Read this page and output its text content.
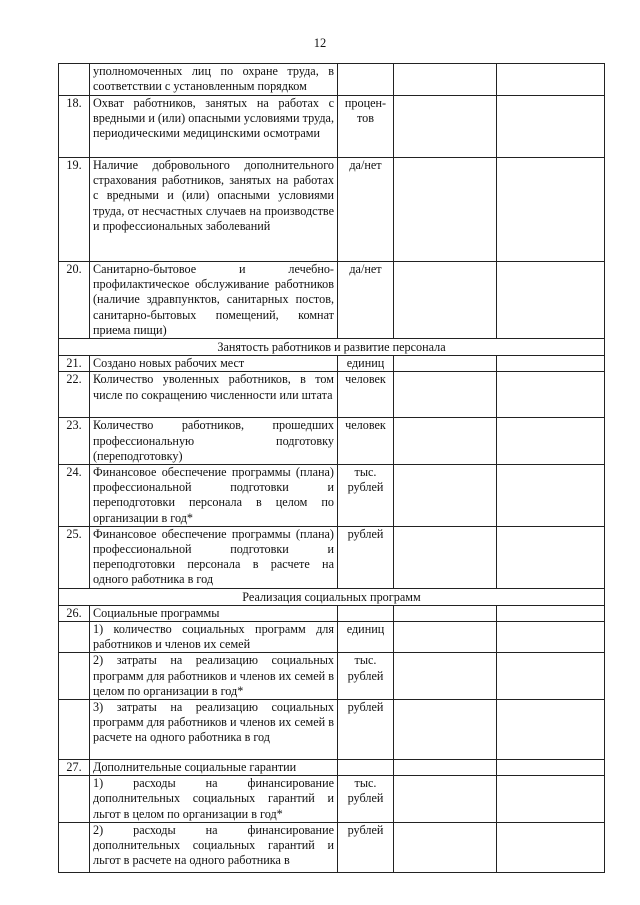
12
	уполномоченных лиц по охране труда, в соответствии с установленным порядком			
18.	Охват работников, занятых на работах с вредными и (или) опасными условиями труда, периодическими медицинскими осмотрами	процен-тов		
19.	Наличие добровольного дополнительного страхования работников, занятых на работах с вредными и (или) опасными условиями труда, от несчастных случаев на производстве и профессиональных заболеваний	да/нет		
20.	Санитарно-бытовое и лечебно-профилактическое обслуживание работников (наличие здравпунктов, санитарных постов, санитарно-бытовых помещений, комнат приема пищи)	да/нет		
Занятость работников и развитие персонала				
21.	Создано новых рабочих мест	единиц		
22.	Количество уволенных работников, в том числе по сокращению численности или штата	человек		
23.	Количество работников, прошедших профессиональную подготовку (переподготовку)	человек		
24.	Финансовое обеспечение программы (плана) профессиональной подготовки и переподготовки персонала в целом по организации в год*	тыс. рублей		
25.	Финансовое обеспечение программы (плана) профессиональной подготовки и переподготовки персонала в расчете на одного работника в год	рублей		
Реализация социальных программ				
26.	Социальные программы			
	1) количество социальных программ для работников и членов их семей	единиц		
	2) затраты на реализацию социальных программ для работников и членов их семей в целом по организации в год*	тыс. рублей		
	3) затраты на реализацию социальных программ для работников и членов их семей в расчете на одного работника в год	рублей		
27.	Дополнительные социальные гарантии			
	1) расходы на финансирование дополнительных социальных гарантий и льгот в целом по организации в год*	тыс. рублей		
	2) расходы на финансирование дополнительных социальных гарантий и льгот в расчете на одного работника в	рублей		
